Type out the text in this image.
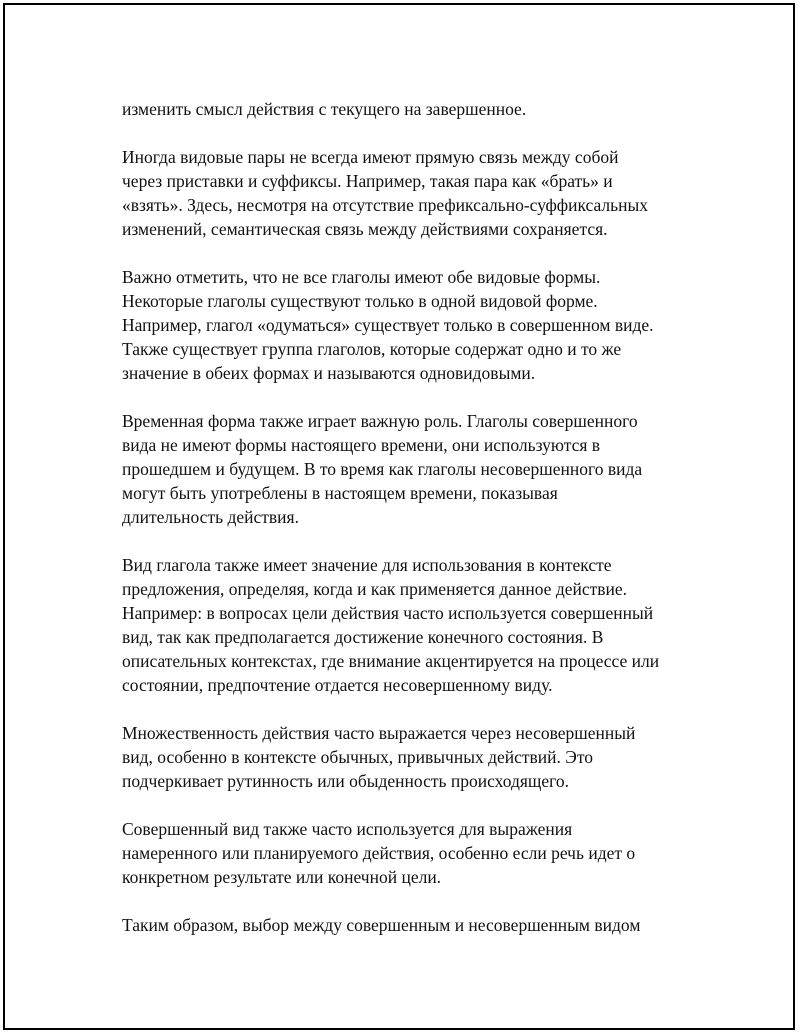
изменить смысл действия с текущего на завершенное.

Иногда видовые пары не всегда имеют прямую связь между собой
через приставки и суффиксы. Например, такая пара как «брать» и
«взять». Здесь, несмотря на отсутствие префиксально-суффиксальных
изменений, семантическая связь между действиями сохраняется.

Важно отметить, что не все глаголы имеют обе видовые формы.
Некоторые глаголы существуют только в одной видовой форме.
Например, глагол «одуматься» существует только в совершенном виде.
Также существует группа глаголов, которые содержат одно и то же
значение в обеих формах и называются одновидовыми.

Временная форма также играет важную роль. Глаголы совершенного
вида не имеют формы настоящего времени, они используются в
прошедшем и будущем. В то время как глаголы несовершенного вида
могут быть употреблены в настоящем времени, показывая
длительность действия.

Вид глагола также имеет значение для использования в контексте
предложения, определяя, когда и как применяется данное действие.
Например: в вопросах цели действия часто используется совершенный
вид, так как предполагается достижение конечного состояния. В
описательных контекстах, где внимание акцентируется на процессе или
состоянии, предпочтение отдается несовершенному виду.

Множественность действия часто выражается через несовершенный
вид, особенно в контексте обычных, привычных действий. Это
подчеркивает рутинность или обыденность происходящего.

Совершенный вид также часто используется для выражения
намеренного или планируемого действия, особенно если речь идет о
конкретном результате или конечной цели.

Таким образом, выбор между совершенным и несовершенным видом
